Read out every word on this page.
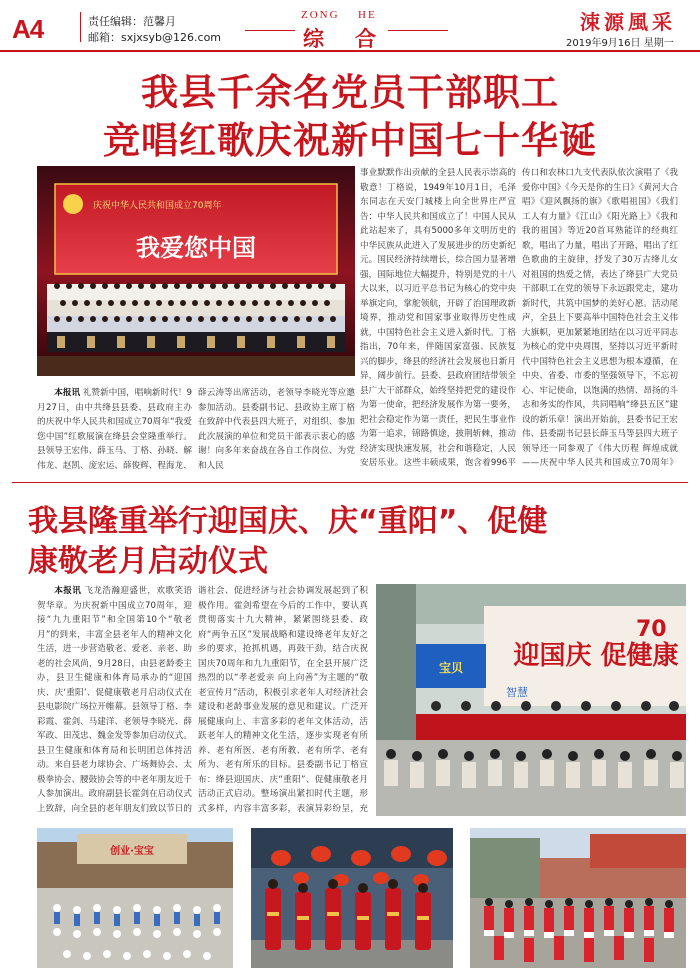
A4	责任编辑：范馨月
邮箱：sxjxsyb@126.com
ZONG HE
综 合
涑源風采
2019年9月16日 星期一
我县千余名党员干部职工
竞唱红歌庆祝新中国七十华诞
庆祝中华人民共和国成立70周年
我爱您中国

本报讯 礼赞新中国，唱响新时代！9月27日，由中共绛县县委、县政府主办的庆祝中华人民共和国成立70周年“我爱您中国”红歌展演在绛县会堂隆重举行。县领导王宏伟、薛玉马、丁格、孙晓、解伟龙、赵凯、庞宏运、薛俊辉、程海龙、

薛云涛等出席活动，老领导李晓光等应邀参加活动。县委副书记、县政协主席丁格在致辞中代表县四大班子，对组织、参加此次展演的单位和党员干部表示衷心的感谢！向多年来奋战在各自工作岗位、为党和人民

事业默默作出贡献的全县人民表示崇高的敬意！丁格说，1949年10月1日，毛泽东同志在天安门城楼上向全世界庄严宣告：中华人民共和国成立了！中国人民从此站起来了，具有5000多年文明历史的中华民族从此进入了发展进步的历史新纪元。国民经济持续增长，综合国力显著增强，国际地位大幅提升，特别是党的十八大以来，以习近平总书记为核心的党中央举旗定向，掌舵领航，开辟了治国理政新境界，推动党和国家事业取得历史性成就，中国特色社会主义进入新时代。丁格指出，70年来，伴随国家富强、民族复兴的脚步，绛县的经济社会发展也日新月异，阔步前行。县委、县政府团结带领全县广大干部群众，始终坚持把党的建设作为第一使命，把经济发展作为第一要务，把社会稳定作为第一责任，把民生事业作为第一追求，锦路慎途，披荆斩棘，推动经济实现快速发展，社会和谐稳定，人民安居乐业。这些丰硕成果，饱含着996平

传口和农林口九支代表队依次演唱了《我爱你中国》《今天是你的生日》《黄河大合唱》《迎风飘扬的旗》《歌唱祖国》《我们工人有力量》《江山》《阳光路上》《我和我的祖国》等近20首耳熟能详的经典红歌，唱出了力量，唱出了开路，唱出了红色歌曲的主旋律，抒发了30万古绛儿女对祖国的热爱之情，表达了绛县广大党员干部职工在党的领导下永远跟党走，建功新时代，共筑中国梦的美好心愿。活动尾声，全县上下要高举中国特色社会主义伟大旗帜，更加紧紧地团结在以习近平同志为核心的党中央周围，坚持以习近平新时代中国特色社会主义思想为根本遵循，在中央、省委、市委的坚强领导下，不忘初心、牢记使命，以饱满的热情、昂扬的斗志和务实的作风，共同唱响“绛县五区”建设的新乐章！演出开始前，县委书记王宏伟、县委副书记县长薛玉马等县四大班子领导还一同参观了《伟大历程 辉煌成就——庆祝中华人民共和国成立70周年》

我县隆重举行迎国庆、庆“重阳”、促健
康敬老月启动仪式

本报讯 飞龙浩瀚迎盛世，欢歌笑语贺华章。为庆祝新中国成立70周年，迎接“九九重阳节”和全国第10个“敬老月”的到来，丰富全县老年人的精神文化生活，进一步营造敬老、爱老、亲老、助老的社会风尚，9月28日，由县老龄委主办，县卫生健康和体育局承办的“迎国庆、庆‘重阳’、促健康敬老月启动仪式在县电影院广场拉开帷幕。县领导丁格、李彩霞、霍剑、马建洋、老领导李晓光、薛军政、田茂忠、魏金发等参加启动仪式。县卫生健康和体育局和长明团总体持活动。来自县老力球协会、广场舞协会、太极拳协会、腰鼓协会等的中老年朋友近千人参加演出。政府副县长霍剑在启动仪式上致辞，向全县的老年朋友们致以节日的

谐社会、促进经济与社会协调发展起到了积极作用。霍剑希望在今后的工作中，要认真贯彻落实十九大精神，紧紧围绕县委、政府“两争五区”发展战略和建设绛老年友好之乡的要求，抢抓机遇，再鼓干劲，结合庆祝国庆70周年和九九重阳节，在全县开展广泛热烈的以“孝老爱亲 向上向善”为主题的“敬老宣传月”活动，积极引求老年人对经济社会建设和老龄事业发展的意见和建议。广泛开展健康向上、丰富多彩的老年文体活动，活跃老年人的精神文化生活，逐步实现老有所养、老有所医、老有所教、老有所学、老有所为、老有所乐的目标。县委副书记丁格宣布：绛县迎国庆、庆“重阳”、促健康敬老月活动正式启动。整场演出紧扣时代主题，形式多样，内容丰富多彩，表演异彩纷呈，充

迎国庆 促健康
70
宝贝
智慧
创业·宝宝
